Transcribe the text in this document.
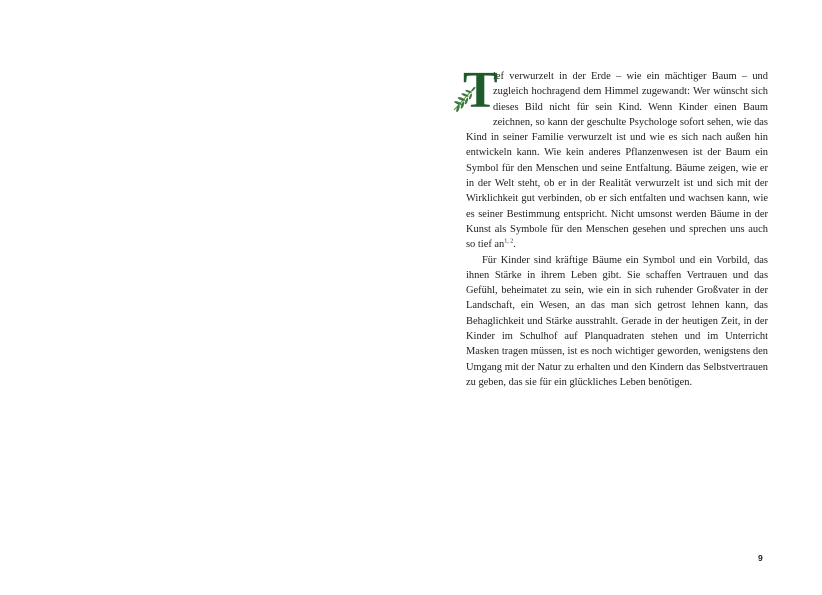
T
ief verwurzelt in der Erde – wie ein mächtiger Baum – und zugleich hochragend dem Himmel zugewandt: Wer wünscht sich dieses Bild nicht für sein Kind. Wenn Kinder einen Baum zeichnen, so kann der geschulte Psychologe sofort sehen, wie das Kind in seiner Familie verwurzelt ist und wie es sich nach außen hin entwickeln kann. Wie kein anderes Pflanzenwesen ist der Baum ein Symbol für den Menschen und seine Entfaltung. Bäume zeigen, wie er in der Welt steht, ob er in der Realität verwurzelt ist und sich mit der Wirklichkeit gut verbinden, ob er sich entfalten und wachsen kann, wie es seiner Bestimmung entspricht. Nicht umsonst werden Bäume in der Kunst als Symbole für den Menschen gesehen und sprechen uns auch so tief an$^{1, 2}$.

Für Kinder sind kräftige Bäume ein Symbol und ein Vorbild, das ihnen Stärke in ihrem Leben gibt. Sie schaffen Vertrauen und das Gefühl, beheimatet zu sein, wie ein in sich ruhender Großvater in der Landschaft, ein Wesen, an das man sich getrost lehnen kann, das Behaglichkeit und Stärke ausstrahlt. Gerade in der heutigen Zeit, in der Kinder im Schulhof auf Planquadraten stehen und im Unterricht Masken tragen müssen, ist es noch wichtiger geworden, wenigstens den Umgang mit der Natur zu erhalten und den Kindern das Selbstvertrauen zu geben, das sie für ein glückliches Leben benötigen.

9
